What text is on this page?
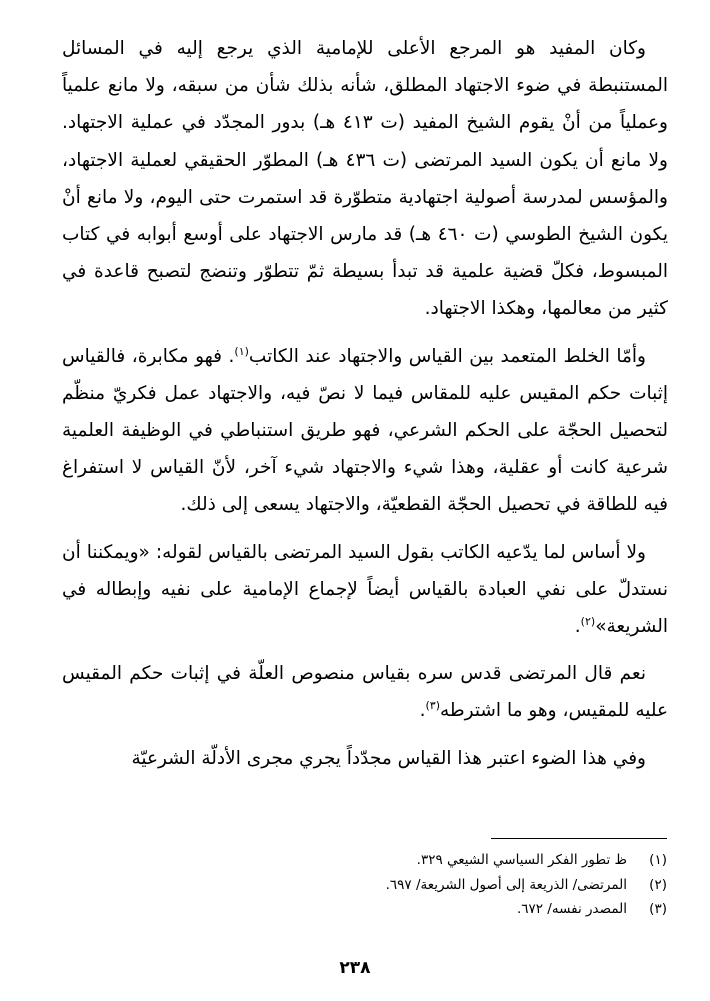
وكان المفيد هو المرجع الأعلى للإمامية الذي يرجع إليه في المسائل المستنبطة في ضوء الاجتهاد المطلق، شأنه بذلك شأن من سبقه، ولا مانع علمياً وعملياً من أنْ يقوم الشيخ المفيد (ت ٤١٣ هـ) بدور المجدّد في عملية الاجتهاد. ولا مانع أن يكون السيد المرتضى (ت ٤٣٦ هـ) المطوّر الحقيقي لعملية الاجتهاد، والمؤسس لمدرسة أصولية اجتهادية متطوّرة قد استمرت حتى اليوم، ولا مانع أنْ يكون الشيخ الطوسي (ت ٤٦٠ هـ) قد مارس الاجتهاد على أوسع أبوابه في كتاب المبسوط، فكلّ قضية علمية قد تبدأ بسيطة ثمّ تتطوّر وتنضج لتصبح قاعدة في كثير من معالمها، وهكذا الاجتهاد.

وأمّا الخلط المتعمد بين القياس والاجتهاد عند الكاتب$^{(١)}$. فهو مكابرة، فالقياس إثبات حكم المقيس عليه للمقاس فيما لا نصّ فيه، والاجتهاد عمل فكريّ منظّم لتحصيل الحجّة على الحكم الشرعي، فهو طريق استنباطي في الوظيفة العلمية شرعية كانت أو عقلية، وهذا شيء والاجتهاد شيء آخر، لأنّ القياس لا استفراغ فيه للطاقة في تحصيل الحجّة القطعيّة، والاجتهاد يسعى إلى ذلك.

ولا أساس لما يدّعيه الكاتب بقول السيد المرتضى بالقياس لقوله: «ويمكننا أن نستدلّ على نفي العبادة بالقياس أيضاً لإجماع الإمامية على نفيه وإبطاله في الشريعة»$^{(٢)}$.

نعم قال المرتضى قدس سره بقياس منصوص العلّة في إثبات حكم المقيس عليه للمقيس، وهو ما اشترطه$^{(٣)}$.

وفي هذا الضوء اعتبر هذا القياس مجدّداً يجري مجرى الأدلّة الشرعيّة

(١)ظ تطور الفكر السياسي الشيعي ٣٢٩.

(٢)المرتضى/ الذريعة إلى أصول الشريعة/ ٦٩٧.

(٣)المصدر نفسه/ ٦٧٢.

٢٣٨
